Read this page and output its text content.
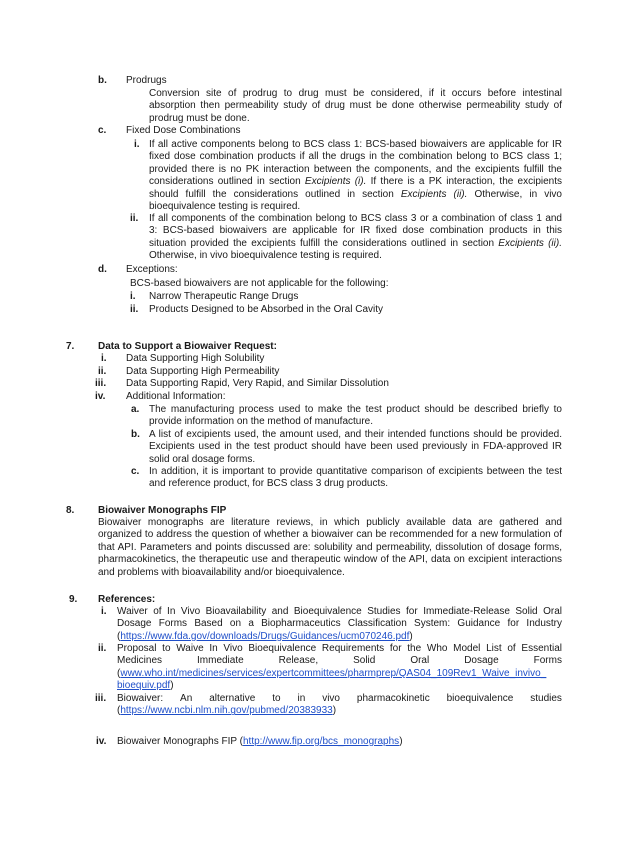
b. Prodrugs
Conversion site of prodrug to drug must be considered, if it occurs before intestinal absorption then permeability study of drug must be done otherwise permeability study of prodrug must be done.
c. Fixed Dose Combinations
i. If all active components belong to BCS class 1: BCS-based biowaivers are applicable for IR fixed dose combination products if all the drugs in the combination belong to BCS class 1; provided there is no PK interaction between the components, and the excipients fulfill the considerations outlined in section Excipients (i). If there is a PK interaction, the excipients should fulfill the considerations outlined in section Excipients (ii). Otherwise, in vivo bioequivalence testing is required.
ii. If all components of the combination belong to BCS class 3 or a combination of class 1 and 3: BCS-based biowaivers are applicable for IR fixed dose combination products in this situation provided the excipients fulfill the considerations outlined in section Excipients (ii). Otherwise, in vivo bioequivalence testing is required.
d. Exceptions:
BCS-based biowaivers are not applicable for the following:
i. Narrow Therapeutic Range Drugs
ii. Products Designed to be Absorbed in the Oral Cavity
7. Data to Support a Biowaiver Request:
i. Data Supporting High Solubility
ii. Data Supporting High Permeability
iii. Data Supporting Rapid, Very Rapid, and Similar Dissolution
iv. Additional Information:
a. The manufacturing process used to make the test product should be described briefly to provide information on the method of manufacture.
b. A list of excipients used, the amount used, and their intended functions should be provided. Excipients used in the test product should have been used previously in FDA-approved IR solid oral dosage forms.
c. In addition, it is important to provide quantitative comparison of excipients between the test and reference product, for BCS class 3 drug products.
8. Biowaiver Monographs FIP
Biowaiver monographs are literature reviews, in which publicly available data are gathered and organized to address the question of whether a biowaiver can be recommended for a new formulation of that API. Parameters and points discussed are: solubility and permeability, dissolution of dosage forms, pharmacokinetics, the therapeutic use and therapeutic window of the API, data on excipient interactions and problems with bioavailability and/or bioequivalence.
9. References:
i. Waiver of In Vivo Bioavailability and Bioequivalence Studies for Immediate-Release Solid Oral Dosage Forms Based on a Biopharmaceutics Classification System: Guidance for Industry (https://www.fda.gov/downloads/Drugs/Guidances/ucm070246.pdf)
ii. Proposal to Waive In Vivo Bioequivalence Requirements for the Who Model List of Essential
Medicines	Immediate	Release,	Solid	Oral	Dosage	Forms
(www.who.int/medicines/services/expertcommittees/pharmprep/QAS04_109Rev1_Waive_invivo_
bioequiv.pdf)
iii. Biowaiver: An alternative to in vivo pharmacokinetic bioequivalence studies
(https://www.ncbi.nlm.nih.gov/pubmed/20383933)
iv. Biowaiver Monographs FIP (http://www.fip.org/bcs_monographs)
